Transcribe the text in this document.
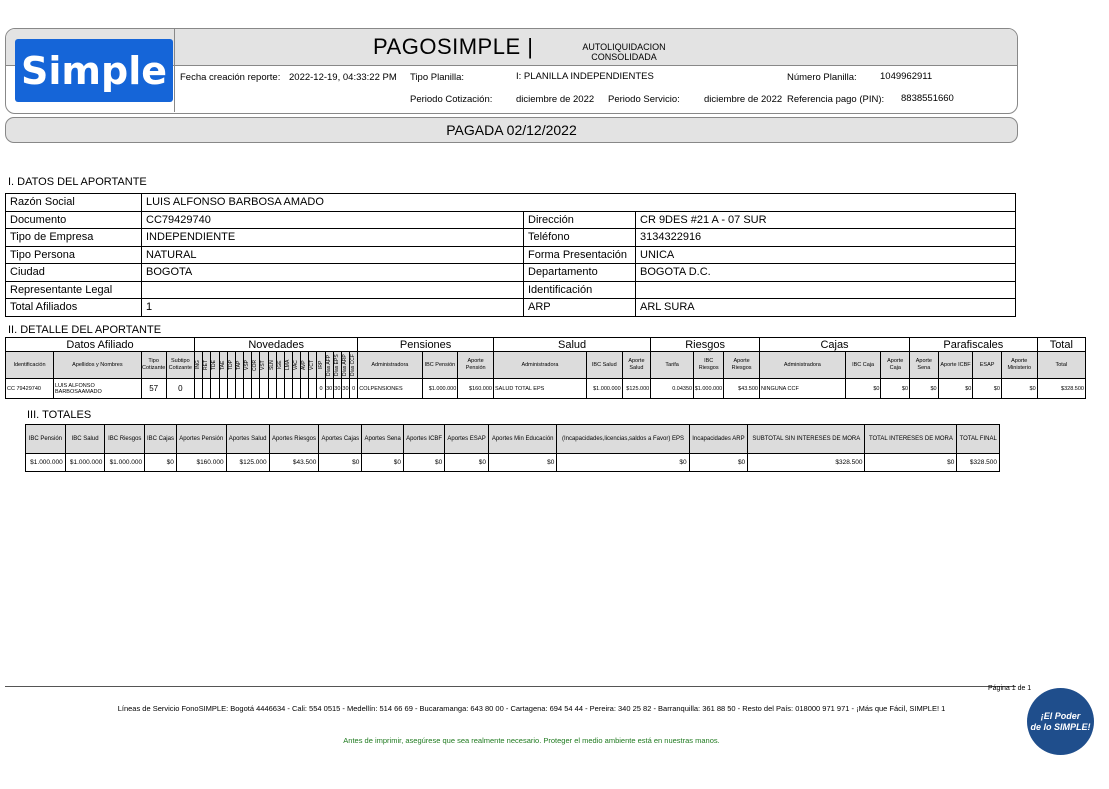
Simple
PAGOSIMPLE |	AUTOLIQUIDACION
CONSOLIDADA
Fecha creación reporte: 2022-12-19, 04:33:22 PM Tipo Planilla:	I: PLANILLA INDEPENDIENTES	Número Planilla: 1049962911
Periodo Cotización: diciembre de 2022 Periodo Servicio:	diciembre de 2022 Referencia pago (PIN): 8838551660
PAGADA 02/12/2022
I. DATOS DEL APORTANTE
Razón Social	LUIS ALFONSO BARBOSA AMADO		
Documento	CC79429740	Dirección	CR 9DES #21 A - 07 SUR
Tipo de Empresa	INDEPENDIENTE	Teléfono	3134322916
Tipo Persona	NATURAL	Forma Presentación	UNICA
Ciudad	BOGOTA	Departamento	BOGOTA D.C.
Representante Legal		Identificación	
Total Afiliados	1	ARP	ARL SURA
II. DETALLE DEL APORTANTE
Datos Afiliado				Novedades																				Pensiones			Salud			Riesgos			Cajas			Parafiscales				Total
Identificación	Apellidos y Nombres	Tipo Cotizante	Subtipo Cotizante	ING	RET	TDE	TAE	TDP	TAP	VSP	COR	VST	SLN	IGE	LMA	VAC	AVP	VCT	IRP	Días AFP	Días EPS	Días ARP	Días CCF	Administradora	IBC Pensión	Aporte Pensión	Administradora	IBC Salud	Aporte Salud	Tarifa	IBC Riesgos	Aporte Riesgos	Administradora	IBC Caja	Aporte Caja	Aporte Sena	Aporte ICBF	ESAP	Aporte Ministerio	Total
CC 79429740	LUIS ALFONSO BARBOSAAMADO	57	0																0	30	30	30	0	COLPENSIONES	$1.000.000	$160.000	SALUD TOTAL EPS	$1.000.000	$125.000	0.04350	$1.000.000	$43.500	NINGUNA CCF	$0	$0	$0	$0	$0	$0	$328.500
III. TOTALES
IBC Pensión	IBC Salud	IBC Riesgos	IBC Cajas	Aportes Pensión	Aportes Salud	Aportes Riesgos	Aportes Cajas	Aportes Sena	Aportes ICBF	Aportes ESAP	Aportes Min Educación	(Incapacidades,licencias,saldos a Favor) EPS	Incapacidades ARP	SUBTOTAL SIN INTERESES DE MORA	TOTAL INTERESES DE MORA	TOTAL FINAL
$1.000.000	$1.000.000	$1.000.000	$0	$160.000	$125.000	$43.500	$0	$0	$0	$0	$0	$0	$0	$328.500	$0	$328.500
Página 1 de 1
Líneas de Servicio FonoSIMPLE: Bogotá 4446634 - Cali: 554 0515 - Medellín: 514 66 69 - Bucaramanga: 643 80 00 - Cartagena: 694 54 44 - Pereira: 340 25 82 - Barranquilla: 361 88 50 - Resto del País: 018000 971 971 - ¡Más que Fácil, SIMPLE! 1
Antes de imprimir, asegúrese que sea realmente necesario. Proteger el medio ambiente está en nuestras manos.
¡El Poder
de lo SIMPLE!
